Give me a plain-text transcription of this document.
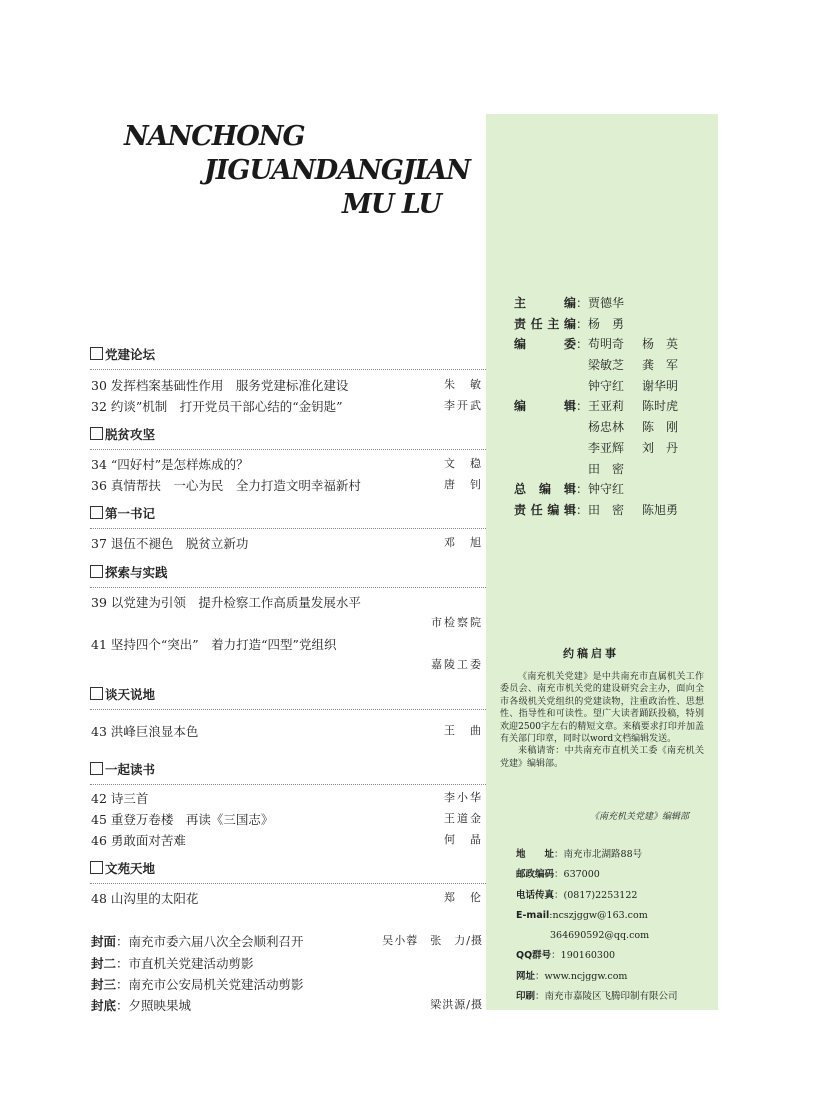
NANCHONG
JIGUANDANGJIAN
MU LU
主编 ：贾德华
责任主编 ：杨　勇
编委 ：苟明奇 杨　英
　梁敏芝 龚　军
　钟守红 谢华明
编辑 ：王亚莉 陈时虎
　杨忠林 陈　刚
　李亚辉 刘　丹
　田　密
总编辑 ：钟守红
责任编辑 ：田　密 陈旭勇
约稿启事

《南充机关党建》是中共南充市直属机关工作委员会、南充市机关党的建设研究会主办，面向全市各级机关党组织的党建读物，注重政治性、思想性、指导性和可读性。望广大读者踊跃投稿，特别欢迎2500字左右的精短文章。来稿要求打印并加盖有关部门印章，同时以word文档编辑发送。

来稿请寄：中共南充市直机关工委《南充机关党建》编辑部。

《南充机关党建》编辑部
地　　址：南充市北湖路88号
邮政编码：637000
电话传真：(0817)2253122
E-mail:ncszjggw@163.com
364690592@qq.com
QQ群号：190160300
网址：www.ncjggw.com
印刷：南充市嘉陵区飞腾印制有限公司
党建论坛
30 发挥档案基础性作用　服务党建标准化建设	朱　敏
32 约谈”机制　打开党员干部心结的“金钥匙”	李开武
脱贫攻坚
34 “四好村”是怎样炼成的？	文　稳
36 真情帮扶　一心为民　全力打造文明幸福新村	唐　钊
第一书记
37 退伍不褪色　脱贫立新功	邓　旭
探索与实践
39 以党建为引领　提升检察工作高质量发展水平
市检察院
41 坚持四个“突出”　着力打造“四型”党组织
嘉陵工委
谈天说地
43 洪峰巨浪显本色	王　曲
一起读书
42 诗三首	李小华
45 重登万卷楼　再读《三国志》	王道金
46 勇敢面对苦难	何　晶
文苑天地
48 山沟里的太阳花	郑　伦
封面：南充市委六届八次全会顺利召开	吴小蓉　张　力/摄
封二：市直机关党建活动剪影
封三：南充市公安局机关党建活动剪影
封底：夕照映果城	梁洪源/摄
